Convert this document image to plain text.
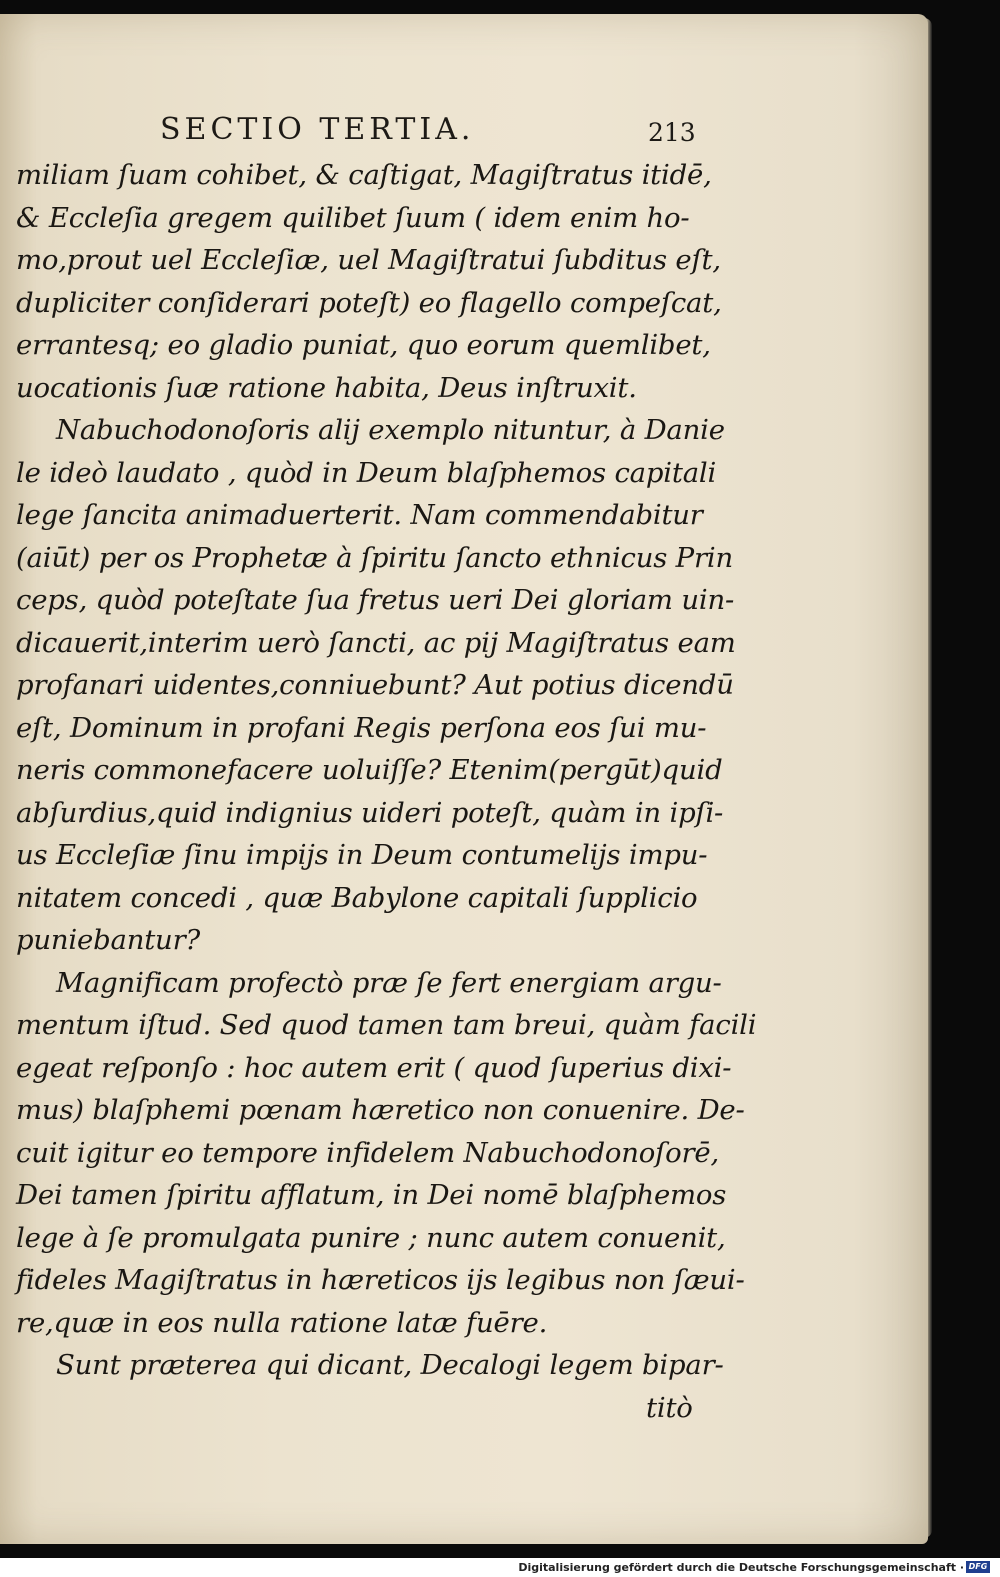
SECTIO TERTIA.	213
miliam ſuam cohibet, & caſtigat, Magiſtratus itidē,
& Eccleſia gregem quilibet ſuum ( idem enim ho-
mo,prout uel Eccleſiæ, uel Magiſtratui ſubditus eſt,
dupliciter conſiderari poteſt) eo flagello compeſcat,
errantesq; eo gladio puniat, quo eorum quemlibet,
uocationis ſuæ ratione habita, Deus inſtruxit.
Nabuchodonoſoris alij exemplo nituntur, à Danie
le ideò laudato , quòd in Deum blaſphemos capitali
lege ſancita animaduerterit. Nam commendabitur
(aiūt) per os Prophetæ à ſpiritu ſancto ethnicus Prin
ceps, quòd poteſtate ſua fretus ueri Dei gloriam uin-
dicauerit,interim uerò ſancti, ac pij Magiſtratus eam
profanari uidentes,conniuebunt? Aut potius dicendū
eſt, Dominum in profani Regis perſona eos ſui mu-
neris commonefacere uoluiſſe? Etenim(pergūt)quid
abſurdius,quid indignius uideri poteſt, quàm in ipſi-
us Eccleſiæ ſinu impijs in Deum contumelijs impu-
nitatem concedi , quæ Babylone capitali ſupplicio
puniebantur?
Magnificam profectò præ ſe fert energiam argu-
mentum iſtud. Sed quod tamen tam breui, quàm facili
egeat reſponſo : hoc autem erit ( quod ſuperius dixi-
mus) blaſphemi pœnam hæretico non conuenire. De-
cuit igitur eo tempore infidelem Nabuchodonoſorē,
Dei tamen ſpiritu afflatum, in Dei nomē blaſphemos
lege à ſe promulgata punire ; nunc autem conuenit,
fideles Magiſtratus in hæreticos ijs legibus non ſæui-
re,quæ in eos nulla ratione latæ fuēre.
Sunt præterea qui dicant, Decalogi legem bipar-
titò
Digitalisierung gefördert durch die Deutsche Forschungsgemeinschaft · DFG
